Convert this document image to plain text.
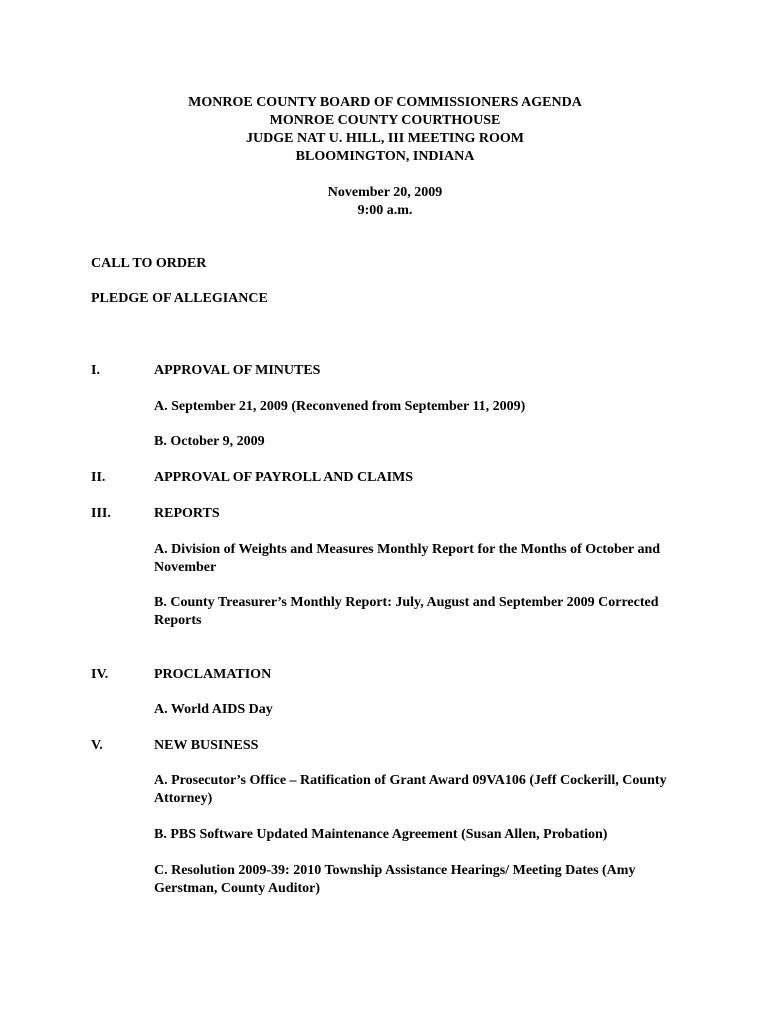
MONROE COUNTY BOARD OF COMMISSIONERS AGENDA
MONROE COUNTY COURTHOUSE
JUDGE NAT U. HILL, III MEETING ROOM
BLOOMINGTON, INDIANA
November 20, 2009
9:00 a.m.
CALL TO ORDER
PLEDGE OF ALLEGIANCE
I.	APPROVAL OF MINUTES
A. September 21, 2009 (Reconvened from September 11, 2009)
B. October 9, 2009
II.	APPROVAL OF PAYROLL AND CLAIMS
III.	REPORTS
A. Division of Weights and Measures Monthly Report for the Months of October and November
B. County Treasurer’s Monthly Report: July, August and September 2009 Corrected Reports
IV.	PROCLAMATION
A. World AIDS Day
V.	NEW BUSINESS
A. Prosecutor’s Office – Ratification of Grant Award 09VA106 (Jeff Cockerill, County Attorney)
B. PBS Software Updated Maintenance Agreement (Susan Allen, Probation)
C. Resolution 2009-39: 2010 Township Assistance Hearings/ Meeting Dates (Amy Gerstman, County Auditor)
